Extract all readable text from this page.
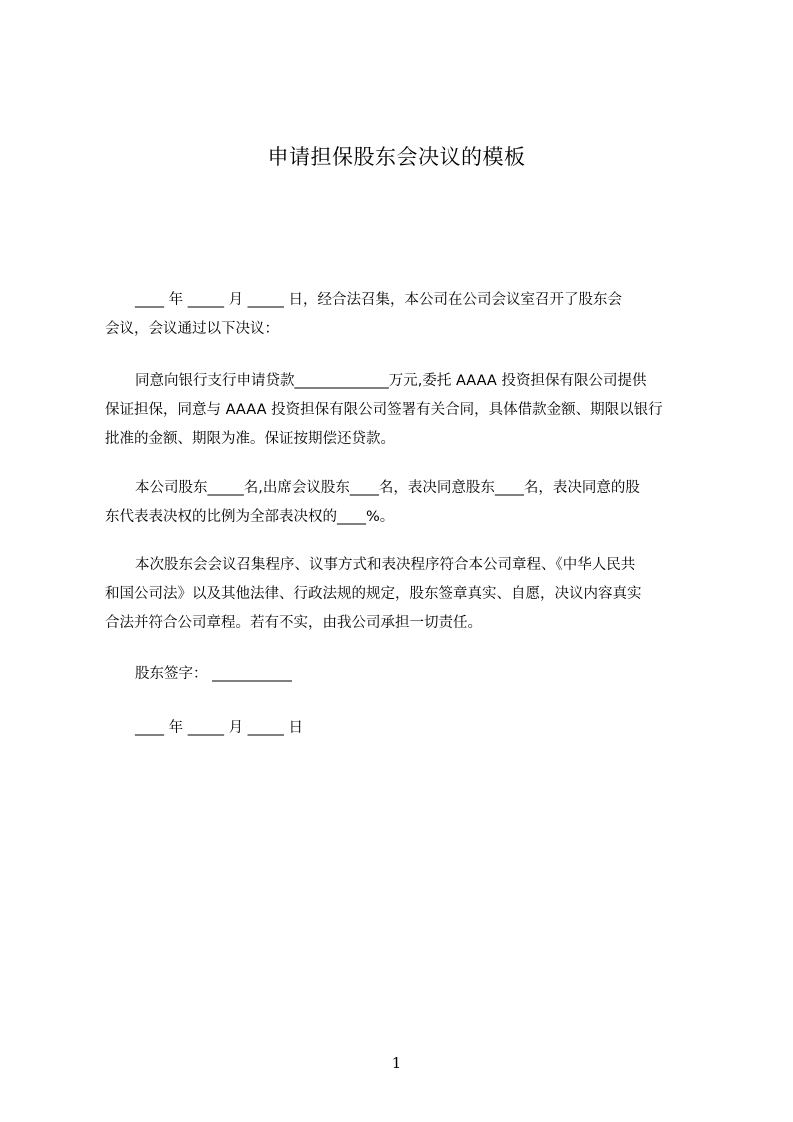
申请担保股东会决议的模板
____ 年 _____ 月 _____ 日，经合法召集，本公司在公司会议室召开了股东会
会议，会议通过以下决议：
同意向银行支行申请贷款_____________万元,委托 AAAA 投资担保有限公司提供
保证担保，同意与 AAAA 投资担保有限公司签署有关合同，具体借款金额、期限以银行
批准的金额、期限为准。保证按期偿还贷款。
本公司股东_____名,出席会议股东____名，表决同意股东____名，表决同意的股
东代表表决权的比例为全部表决权的____%。
本次股东会会议召集程序、议事方式和表决程序符合本公司章程、《中华人民共
和国公司法》以及其他法律、行政法规的规定，股东签章真实、自愿，决议内容真实
合法并符合公司章程。若有不实，由我公司承担一切责任。
股东签字： ___________
____ 年 _____ 月 _____ 日
1
